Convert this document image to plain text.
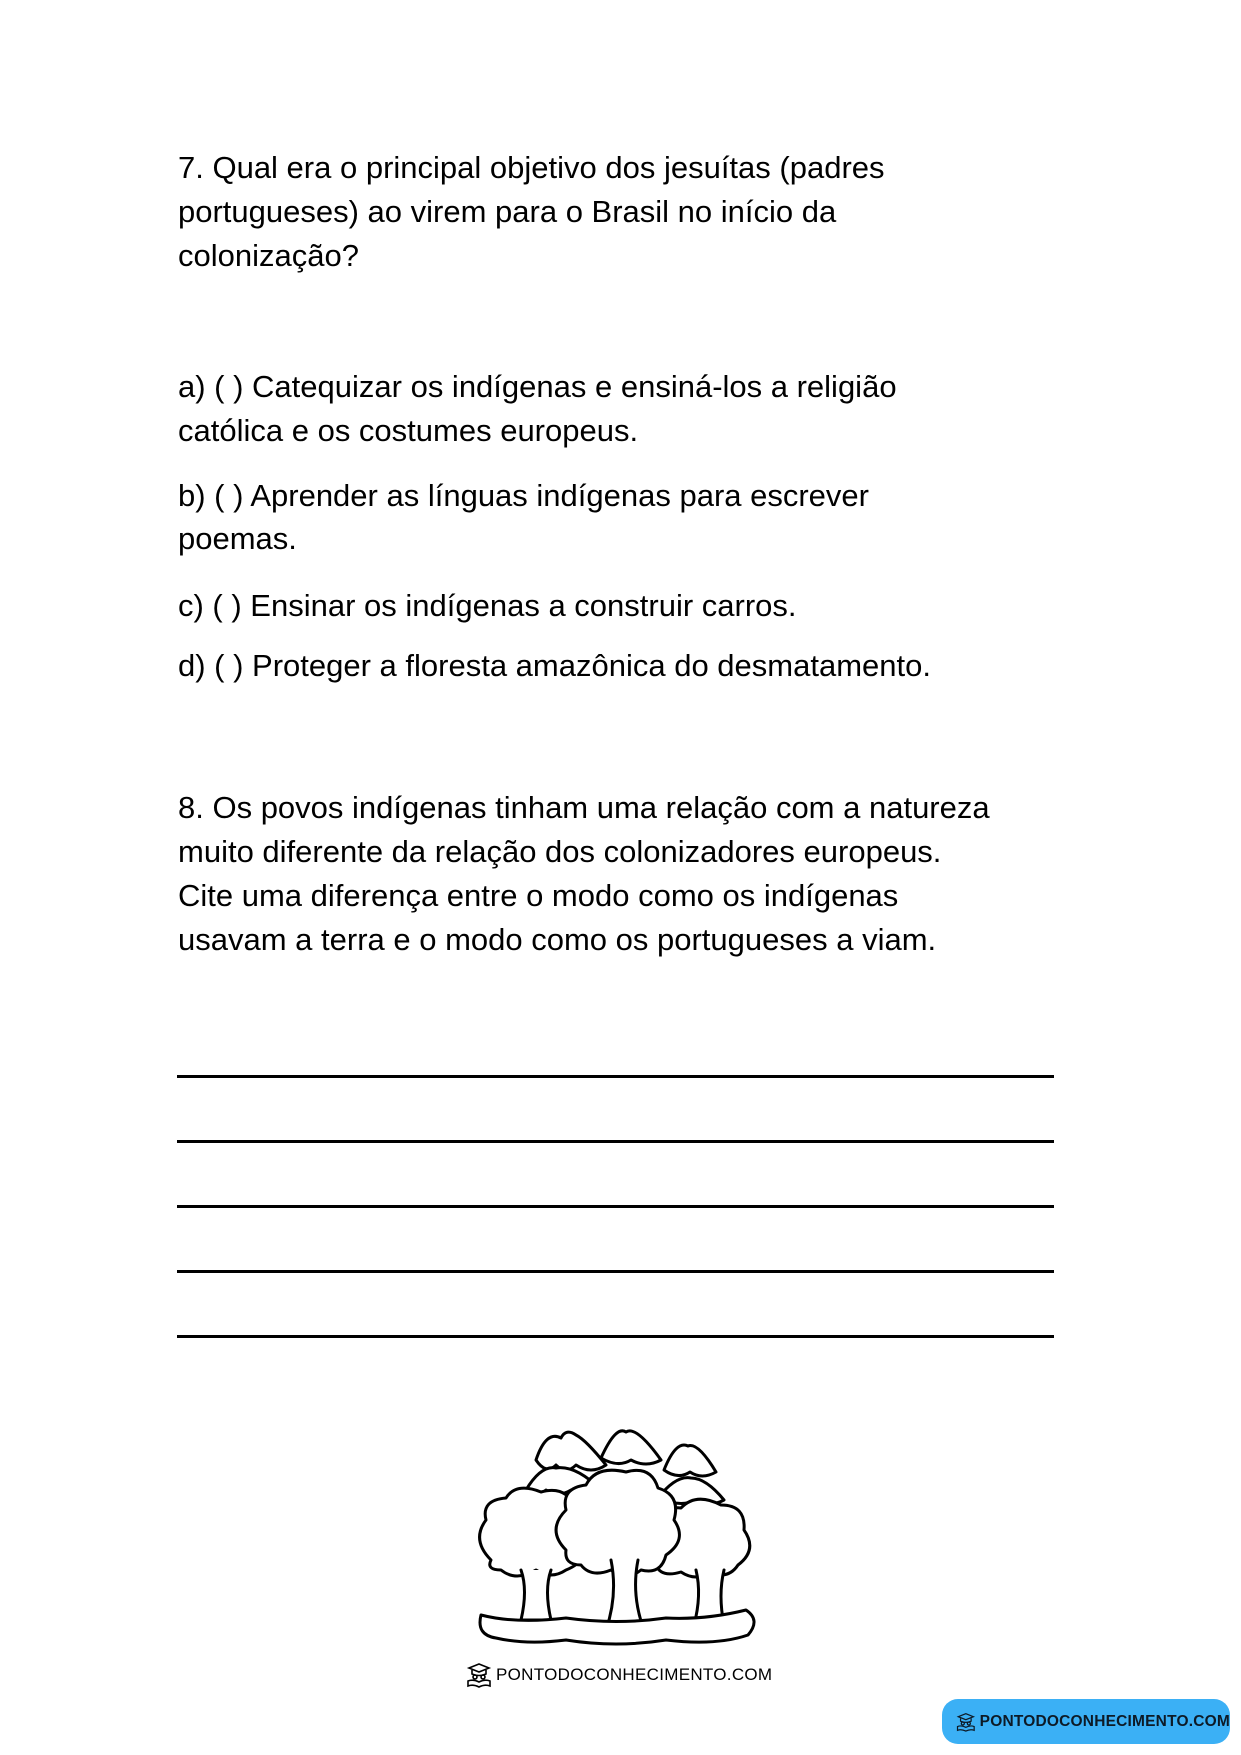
7. Qual era o principal objetivo dos jesuítas (padres
portugueses) ao virem para o Brasil no início da
colonização?
a) ( ) Catequizar os indígenas e ensiná-los a religião
católica e os costumes europeus.
b) ( ) Aprender as línguas indígenas para escrever
poemas.
c) ( ) Ensinar os indígenas a construir carros.
d) ( ) Proteger a floresta amazônica do desmatamento.
8. Os povos indígenas tinham uma relação com a natureza
muito diferente da relação dos colonizadores europeus.
Cite uma diferença entre o modo como os indígenas
usavam a terra e o modo como os portugueses a viam.
PONTODOCONHECIMENTO.COM
PONTODOCONHECIMENTO.COM
